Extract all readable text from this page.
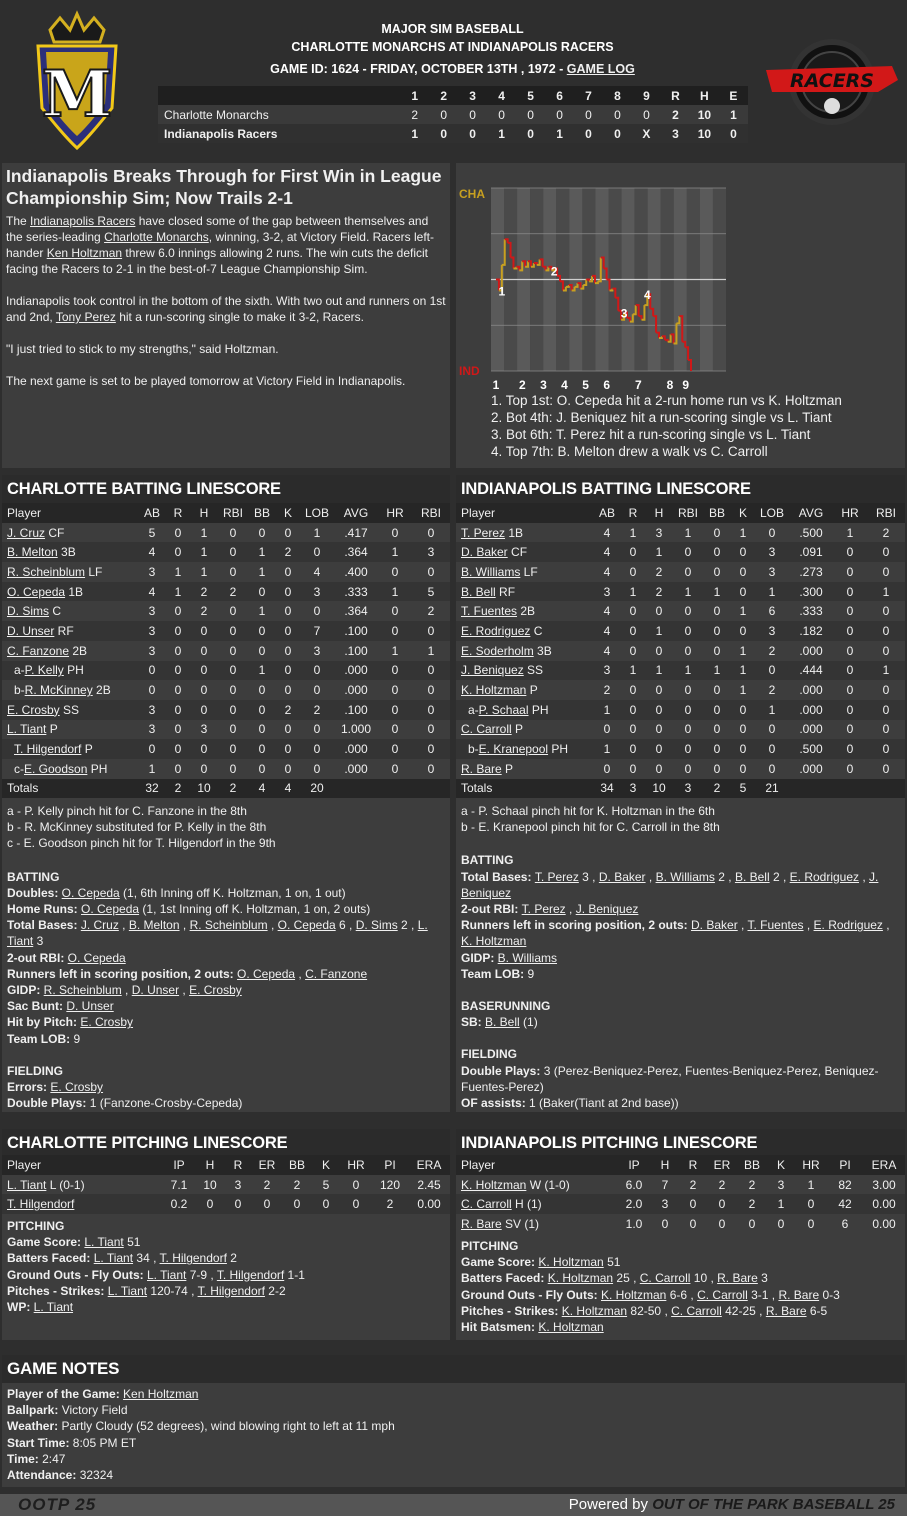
M
MAJOR SIM BASEBALL
CHARLOTTE MONARCHS AT INDIANAPOLIS RACERS
GAME ID: 1624 - FRIDAY, OCTOBER 13TH , 1972 - GAME LOG
RACERS
	1	2	3	4	5	6	7	8	9	R	H	E
Charlotte Monarchs	2	0	0	0	0	0	0	0	0	2	10	1
Indianapolis Racers	1	0	0	1	0	1	0	0	X	3	10	0
Indianapolis Breaks Through for First Win in League Championship Sim; Now Trails 2-1

The Indianapolis Racers have closed some of the gap between themselves and the series-leading Charlotte Monarchs, winning, 3-2, at Victory Field. Racers left-hander Ken Holtzman threw 6.0 innings allowing 2 runs. The win cuts the deficit facing the Racers to 2-1 in the best-of-7 League Championship Sim.

Indianapolis took control in the bottom of the sixth. With two out and runners on 1st and 2nd, Tony Perez hit a run-scoring single to make it 3-2, Racers.

"I just tried to stick to my strengths," said Holtzman.

The next game is set to be played tomorrow at Victory Field in Indianapolis.

CHA
IND
1
2
3
4
1 2 3 4 5 6 7 8 9
1. Top 1st: O. Cepeda hit a 2-run home run vs K. Holtzman
2. Bot 4th: J. Beniquez hit a run-scoring single vs L. Tiant
3. Bot 6th: T. Perez hit a run-scoring single vs L. Tiant
4. Top 7th: B. Melton drew a walk vs C. Carroll
CHARLOTTE BATTING LINESCORE
Player	AB	R	H	RBI	BB	K	LOB	AVG	HR	RBI
J. Cruz CF	5	0	1	0	0	0	1	.417	0	0
B. Melton 3B	4	0	1	0	1	2	0	.364	1	3
R. Scheinblum LF	3	1	1	0	1	0	4	.400	0	0
O. Cepeda 1B	4	1	2	2	0	0	3	.333	1	5
D. Sims C	3	0	2	0	1	0	0	.364	0	2
D. Unser RF	3	0	0	0	0	0	7	.100	0	0
C. Fanzone 2B	3	0	0	0	0	0	3	.100	1	1
a-P. Kelly PH	0	0	0	0	1	0	0	.000	0	0
b-R. McKinney 2B	0	0	0	0	0	0	0	.000	0	0
E. Crosby SS	3	0	0	0	0	2	2	.100	0	0
L. Tiant P	3	0	3	0	0	0	0	1.000	0	0
T. Hilgendorf P	0	0	0	0	0	0	0	.000	0	0
c-E. Goodson PH	1	0	0	0	0	0	0	.000	0	0
Totals	32	2	10	2	4	4	20			
a - P. Kelly pinch hit for C. Fanzone in the 8th
b - R. McKinney substituted for P. Kelly in the 8th
c - E. Goodson pinch hit for T. Hilgendorf in the 9th
BATTING
Doubles: O. Cepeda (1, 6th Inning off K. Holtzman, 1 on, 1 out)
Home Runs: O. Cepeda (1, 1st Inning off K. Holtzman, 1 on, 2 outs)
Total Bases: J. Cruz , B. Melton , R. Scheinblum , O. Cepeda 6 , D. Sims 2 , L. Tiant 3
2-out RBI: O. Cepeda
Runners left in scoring position, 2 outs: O. Cepeda , C. Fanzone
GIDP: R. Scheinblum , D. Unser , E. Crosby
Sac Bunt: D. Unser
Hit by Pitch: E. Crosby
Team LOB: 9
FIELDING
Errors: E. Crosby
Double Plays: 1 (Fanzone-Crosby-Cepeda)
INDIANAPOLIS BATTING LINESCORE
Player	AB	R	H	RBI	BB	K	LOB	AVG	HR	RBI
T. Perez 1B	4	1	3	1	0	1	0	.500	1	2
D. Baker CF	4	0	1	0	0	0	3	.091	0	0
B. Williams LF	4	0	2	0	0	0	3	.273	0	0
B. Bell RF	3	1	2	1	1	0	1	.300	0	1
T. Fuentes 2B	4	0	0	0	0	1	6	.333	0	0
E. Rodriguez C	4	0	1	0	0	0	3	.182	0	0
E. Soderholm 3B	4	0	0	0	0	1	2	.000	0	0
J. Beniquez SS	3	1	1	1	1	1	0	.444	0	1
K. Holtzman P	2	0	0	0	0	1	2	.000	0	0
a-P. Schaal PH	1	0	0	0	0	0	1	.000	0	0
C. Carroll P	0	0	0	0	0	0	0	.000	0	0
b-E. Kranepool PH	1	0	0	0	0	0	0	.500	0	0
R. Bare P	0	0	0	0	0	0	0	.000	0	0
Totals	34	3	10	3	2	5	21			
a - P. Schaal pinch hit for K. Holtzman in the 6th
b - E. Kranepool pinch hit for C. Carroll in the 8th
BATTING
Total Bases: T. Perez 3 , D. Baker , B. Williams 2 , B. Bell 2 , E. Rodriguez , J. Beniquez
2-out RBI: T. Perez , J. Beniquez
Runners left in scoring position, 2 outs: D. Baker , T. Fuentes , E. Rodriguez , K. Holtzman
GIDP: B. Williams
Team LOB: 9
BASERUNNING
SB: B. Bell (1)
FIELDING
Double Plays: 3 (Perez-Beniquez-Perez, Fuentes-Beniquez-Perez, Beniquez-Fuentes-Perez)
OF assists: 1 (Baker(Tiant at 2nd base))
CHARLOTTE PITCHING LINESCORE
Player	IP	H	R	ER	BB	K	HR	PI	ERA
L. Tiant L (0-1)	7.1	10	3	2	2	5	0	120	2.45
T. Hilgendorf	0.2	0	0	0	0	0	0	2	0.00
PITCHING
Game Score: L. Tiant 51
Batters Faced: L. Tiant 34 , T. Hilgendorf 2
Ground Outs - Fly Outs: L. Tiant 7-9 , T. Hilgendorf 1-1
Pitches - Strikes: L. Tiant 120-74 , T. Hilgendorf 2-2
WP: L. Tiant
INDIANAPOLIS PITCHING LINESCORE
Player	IP	H	R	ER	BB	K	HR	PI	ERA
K. Holtzman W (1-0)	6.0	7	2	2	2	3	1	82	3.00
C. Carroll H (1)	2.0	3	0	0	2	1	0	42	0.00
R. Bare SV (1)	1.0	0	0	0	0	0	0	6	0.00
PITCHING
Game Score: K. Holtzman 51
Batters Faced: K. Holtzman 25 , C. Carroll 10 , R. Bare 3
Ground Outs - Fly Outs: K. Holtzman 6-6 , C. Carroll 3-1 , R. Bare 0-3
Pitches - Strikes: K. Holtzman 82-50 , C. Carroll 42-25 , R. Bare 6-5
Hit Batsmen: K. Holtzman
GAME NOTES
Player of the Game: Ken Holtzman
Ballpark: Victory Field
Weather: Partly Cloudy (52 degrees), wind blowing right to left at 11 mph
Start Time: 8:05 PM ET
Time: 2:47
Attendance: 32324
OOTP 25	Powered by OUT OF THE PARK BASEBALL 25
